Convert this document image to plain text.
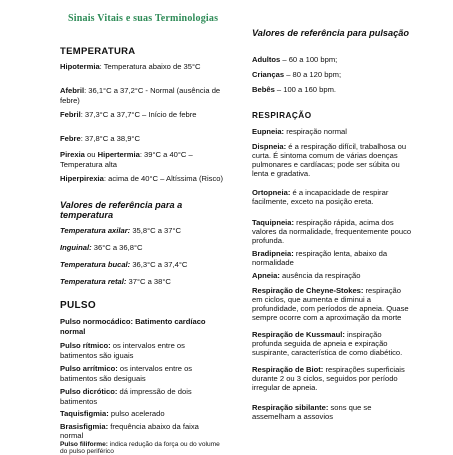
Sinais Vitais e suas Terminologias
TEMPERATURA
Hipotermia: Temperatura abaixo de 35°C
Afebril: 36,1°C a 37,2°C - Normal (ausência de febre)
Febril: 37,3°C a 37,7°C – Início de febre
Febre: 37,8°C a 38,9°C
Pirexia ou Hipertermia: 39°C a 40°C – Temperatura alta
Hiperpirexia: acima de 40°C – Altíssima (Risco)
Valores de referência para a temperatura
Temperatura axilar: 35,8°C a 37°C
Inguinal: 36°C a 36,8°C
Temperatura bucal: 36,3°C a 37,4°C
Temperatura retal: 37°C a 38°C
PULSO
Pulso normocádico: Batimento cardíaco normal
Pulso rítmico: os intervalos entre os batimentos são iguais
Pulso arrítmico: os intervalos entre os batimentos são desiguais
Pulso dicrótico: dá impressão de dois batimentos
Taquisfigmia: pulso acelerado
Brasisfigmia: frequência abaixo da faixa normal
Pulso filiforme: indica redução da força ou do volume do pulso periférico
Valores de referência para pulsação
Adultos – 60 a 100 bpm;
Crianças – 80 a 120 bpm;
Bebês – 100 a 160 bpm.
RESPIRAÇÃO
Eupneia: respiração normal
Dispneia: é a respiração difícil, trabalhosa ou curta. É sintoma comum de várias doenças pulmonares e cardíacas; pode ser súbita ou lenta e gradativa.
Ortopneia: é a incapacidade de respirar facilmente, exceto na posição ereta.
Taquipneia: respiração rápida, acima dos valores da normalidade, frequentemente pouco profunda.
Bradipneia: respiração lenta, abaixo da normalidade
Apneia: ausência da respiração
Respiração de Cheyne-Stokes: respiração em ciclos, que aumenta e diminui a profundidade, com períodos de apneia. Quase sempre ocorre com a aproximação da morte
Respiração de Kussmaul: inspiração profunda seguida de apneia e expiração suspirante, característica de como diabético.
Respiração de Biot: respirações superficiais durante 2 ou 3 ciclos, seguidos por período irregular de apneia.
Respiração sibilante: sons que se assemelham a assovios
